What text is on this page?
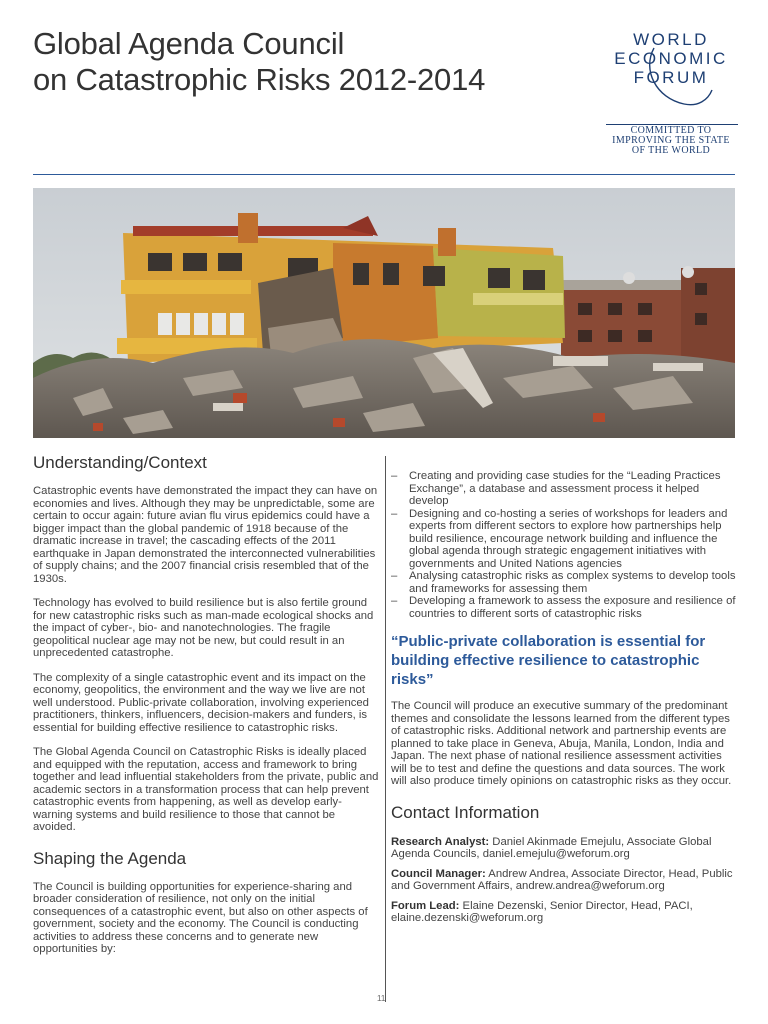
Global Agenda Council
on Catastrophic Risks 2012-2014
WORLD
ECONOMIC
FORUM
COMMITTED TO
IMPROVING THE STATE
OF THE WORLD
Understanding/Context

Catastrophic events have demonstrated the impact they can have on economies and lives. Although they may be unpredictable, some are certain to occur again: future avian flu virus epidemics could have a bigger impact than the global pandemic of 1918 because of the dramatic increase in travel; the cascading effects of the 2011 earthquake in Japan demonstrated the interconnected vulnerabilities of supply chains; and the 2007 financial crisis resembled that of the 1930s.

Technology has evolved to build resilience but is also fertile ground for new catastrophic risks such as man-made ecological shocks and the impact of cyber-, bio- and nanotechnologies. The fragile geopolitical nuclear age may not be new, but could result in an unprecedented catastrophe.

The complexity of a single catastrophic event and its impact on the economy, geopolitics, the environment and the way we live are not well understood. Public-private collaboration, involving experienced practitioners, thinkers, influencers, decision-makers and funders, is essential for building effective resilience to catastrophic risks.

The Global Agenda Council on Catastrophic Risks is ideally placed and equipped with the reputation, access and framework to bring together and lead influential stakeholders from the private, public and academic sectors in a transformation process that can help prevent catastrophic events from happening, as well as develop early-warning systems and build resilience to those that cannot be avoided.

Shaping the Agenda

The Council is building opportunities for experience-sharing and broader consideration of resilience, not only on the initial consequences of a catastrophic event, but also on other aspects of government, society and the economy. The Council is conducting activities to address these concerns and to generate new opportunities by:

– Creating and providing case studies for the “Leading Practices Exchange”, a database and assessment process it helped develop
– Designing and co-hosting a series of workshops for leaders and experts from different sectors to explore how partnerships help build resilience, encourage network building and influence the global agenda through strategic engagement initiatives with governments and United Nations agencies
– Analysing catastrophic risks as complex systems to develop tools and frameworks for assessing them
– Developing a framework to assess the exposure and resilience of countries to different sorts of catastrophic risks
“Public-private collaboration is essential for building effective resilience to catastrophic risks”

The Council will produce an executive summary of the predominant themes and consolidate the lessons learned from the different types of catastrophic risks. Additional network and partnership events are planned to take place in Geneva, Abuja, Manila, London, India and Japan. The next phase of national resilience assessment activities will be to test and define the questions and data sources. The work will also produce timely opinions on catastrophic risks as they occur.

Contact Information

Research Analyst: Daniel Akinmade Emejulu, Associate Global Agenda Councils, daniel.emejulu@weforum.org

Council Manager: Andrew Andrea, Associate Director, Head, Public and Government Affairs, andrew.andrea@weforum.org

Forum Lead: Elaine Dezenski, Senior Director, Head, PACI, elaine.dezenski@weforum.org

11
